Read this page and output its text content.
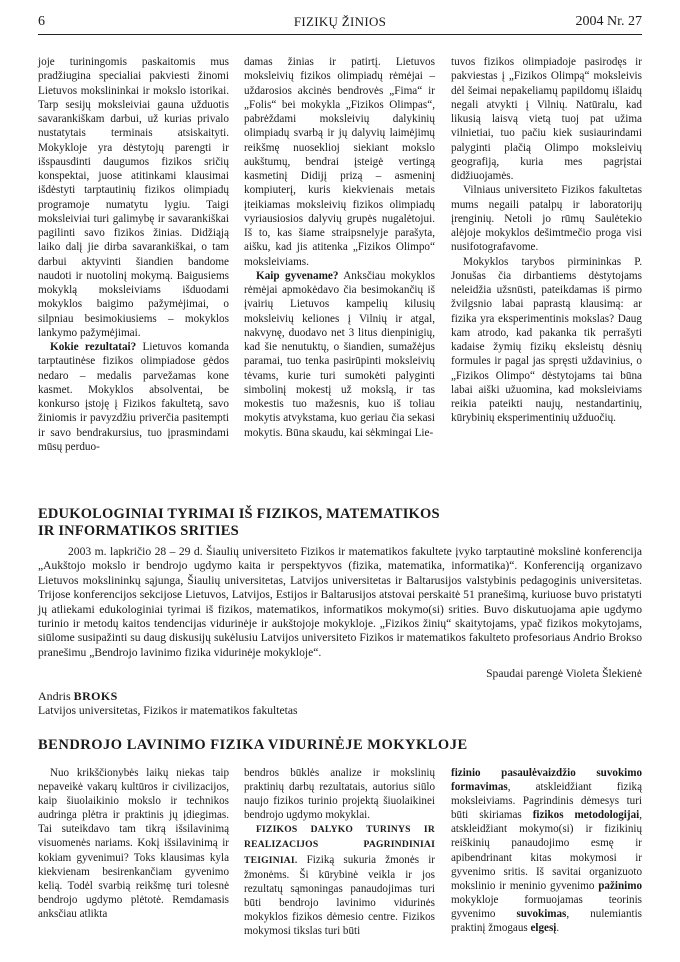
6	FIZIKŲ ŽINIOS	2004 Nr. 27

joje turiningomis paskaitomis mus pradžiugina specialiai pakviesti žinomi Lietuvos mokslininkai ir mokslo istorikai. Tarp sesijų moksleiviai gauna užduotis savarankiškam darbui, už kurias privalo nustatytais terminais atsiskaityti. Mokykloje yra dėstytojų parengti ir išspausdinti daugumos fizikos sričių konspektai, juose atitinkami klausimai išdėstyti tarptautinių fizikos olimpiadų programoje numatytu lygiu. Taigi moksleiviai turi galimybę ir savarankiškai pagilinti savo fizikos žinias. Didžiąją laiko dalį jie dirba savarankiškai, o tam darbui aktyvinti šiandien bandome naudoti ir nuotolinį mokymą. Baigusiems mokyklą moksleiviams išduodami mokyklos baigimo pažymėjimai, o silpniau besimokiusiems – mokyklos lankymo pažymėjimai.

Kokie rezultatai? Lietuvos komanda tarptautinėse fizikos olimpiadose gėdos nedaro – medalis parvežamas kone kasmet. Mokyklos absolventai, be konkurso įstoję į Fizikos fakultetą, savo žiniomis ir pavyzdžiu priverčia pasitempti ir savo bendrakursius, tuo įprasmindami mūsų perduo-

damas žinias ir patirtį. Lietuvos moksleivių fizikos olimpiadų rėmėjai – uždarosios akcinės bendrovės „Fima“ ir „Folis“ bei mokykla „Fizikos Olimpas“, pabrėždami moksleivių dalykinių olimpiadų svarbą ir jų dalyvių laimėjimų reikšmę nuoseklioj siekiant mokslo aukštumų, bendrai įsteigė vertingą kasmetinį Didijį prizą – asmeninį kompiuterį, kuris kiekvienais metais įteikiamas moksleivių fizikos olimpiadų vyriausiosios dalyvių grupės nugalėtojui. Iš to, kas šiame straipsnelyje parašyta, aišku, kad jis atitenka „Fizikos Olimpo“ moksleiviams.

Kaip gyvename? Anksčiau mokyklos rėmėjai apmokėdavo čia besimokančių iš įvairių Lietuvos kampelių kilusių moksleivių keliones į Vilnių ir atgal, nakvynę, duodavo net 3 litus dienpinigių, kad šie nenutuktų, o šiandien, sumažėjus paramai, tuo tenka pasirūpinti moksleivių tėvams, kurie turi sumokėti palyginti simbolinį mokestį už mokslą, ir tas mokestis tuo mažesnis, kuo iš toliau mokytis atvykstama, kuo geriau čia sekasi mokytis. Būna skaudu, kai sėkmingai Lie-

tuvos fizikos olimpiadoje pasirodęs ir pakviestas į „Fizikos Olimpą“ moksleivis dėl šeimai nepakeliamų papildomų išlaidų negali atvykti į Vilnių. Natūralu, kad likusią laisvą vietą tuoj pat užima vilnietiai, tuo pačiu kiek susiaurindami palyginti plačią Olimpo moksleivių geografiją, kuria mes pagrįstai didžiuojamės.

Vilniaus universiteto Fizikos fakultetas mums negaili patalpų ir laboratorijų įrenginių. Netoli jo rūmų Saulėtekio alėjoje mokyklos dešimtmečio proga visi nusifotografavome.

Mokyklos tarybos pirmininkas P. Jonušas čia dirbantiems dėstytojams neleidžia užsnūsti, pateikdamas iš pirmo žvilgsnio labai paprastą klausimą: ar fizika yra eksperimentinis mokslas? Daug kam atrodo, kad pakanka tik perrašyti kadaise žymių fizikų eksleistų dėsnių formules ir pagal jas spręsti uždavinius, o „Fizikos Olimpo“ dėstytojams tai būna labai aiški užuomina, kad moksleiviams reikia pateikti naujų, nestandartinių, kūrybinių eksperimentinių užduočių.

EDUKOLOGINIAI TYRIMAI IŠ FIZIKOS, MATEMATIKOS
IR INFORMATIKOS SRITIES

2003 m. lapkričio 28 – 29 d. Šiaulių universiteto Fizikos ir matematikos fakultete įvyko tarptautinė mokslinė konferencija „Aukštojo mokslo ir bendrojo ugdymo kaita ir perspektyvos (fizika, matematika, informatika)“. Konferenciją organizavo Lietuvos mokslininkų sąjunga, Šiaulių universitetas, Latvijos universitetas ir Baltarusijos valstybinis pedagoginis universitetas. Trijose konferencijos sekcijose Lietuvos, Latvijos, Estijos ir Baltarusijos atstovai perskaitė 51 pranešimą, kuriuose buvo pristatyti jų atliekami edukologiniai tyrimai iš fizikos, matematikos, informatikos mokymo(si) srities. Buvo diskutuojama apie ugdymo turinio ir metodų kaitos tendencijas vidurinėje ir aukštojoje mokykloje. „Fizikos žinių“ skaitytojams, ypač fizikos mokytojams, siūlome susipažinti su daug diskusijų sukėlusiu Latvijos universiteto Fizikos ir matematikos fakulteto profesoriaus Andrio Brokso pranešimu „Bendrojo lavinimo fizika vidurinėje mokykloje“.

Spaudai parengė Violeta Šlekienė
Andris BROKS
Latvijos universitetas, Fizikos ir matematikos fakultetas
BENDROJO LAVINIMO FIZIKA VIDURINĖJE MOKYKLOJE

Nuo krikščionybės laikų niekas taip nepaveikė vakarų kultūros ir civilizacijos, kaip šiuolaikinio mokslo ir technikos audringa plėtra ir praktinis jų įdiegimas. Tai suteikdavo tam tikrą išsilavinimą visuomenės nariams. Kokį išsilavinimą ir kokiam gyvenimui? Toks klausimas kyla kiekvienam besirenkančiam gyvenimo kelią. Todėl svarbią reikšmę turi tolesnė bendrojo ugdymo plėtotė. Remdamasis anksčiau atlikta

bendros būklės analize ir mokslinių praktinių darbų rezultatais, autorius siūlo naujo fizikos turinio projektą šiuolaikinei bendrojo ugdymo mokyklai.

FIZIKOS DALYKO TURINYS IR REALIZACIJOS PAGRINDINIAI TEIGINIAI. Fiziką sukuria žmonės ir žmonėms. Ši kūrybinė veikla ir jos rezultatų sąmoningas panaudojimas turi būti bendrojo lavinimo vidurinės mokyklos fizikos dėmesio centre. Fizikos mokymosi tikslas turi būti

fizinio pasaulėvaizdžio suvokimo formavimas, atskleidžiant fiziką moksleiviams. Pagrindinis dėmesys turi būti skiriamas fizikos metodologijai, atskleidžiant mokymo(si) ir fizikinių reiškinių panaudojimo esmę ir apibendrinant kitas mokymosi ir gyvenimo sritis. Iš savitai organizuoto mokslinio ir meninio gyvenimo pažinimo mokykloje formuojamas teorinis gyvenimo suvokimas, nulemiantis praktinį žmogaus elgesį.
